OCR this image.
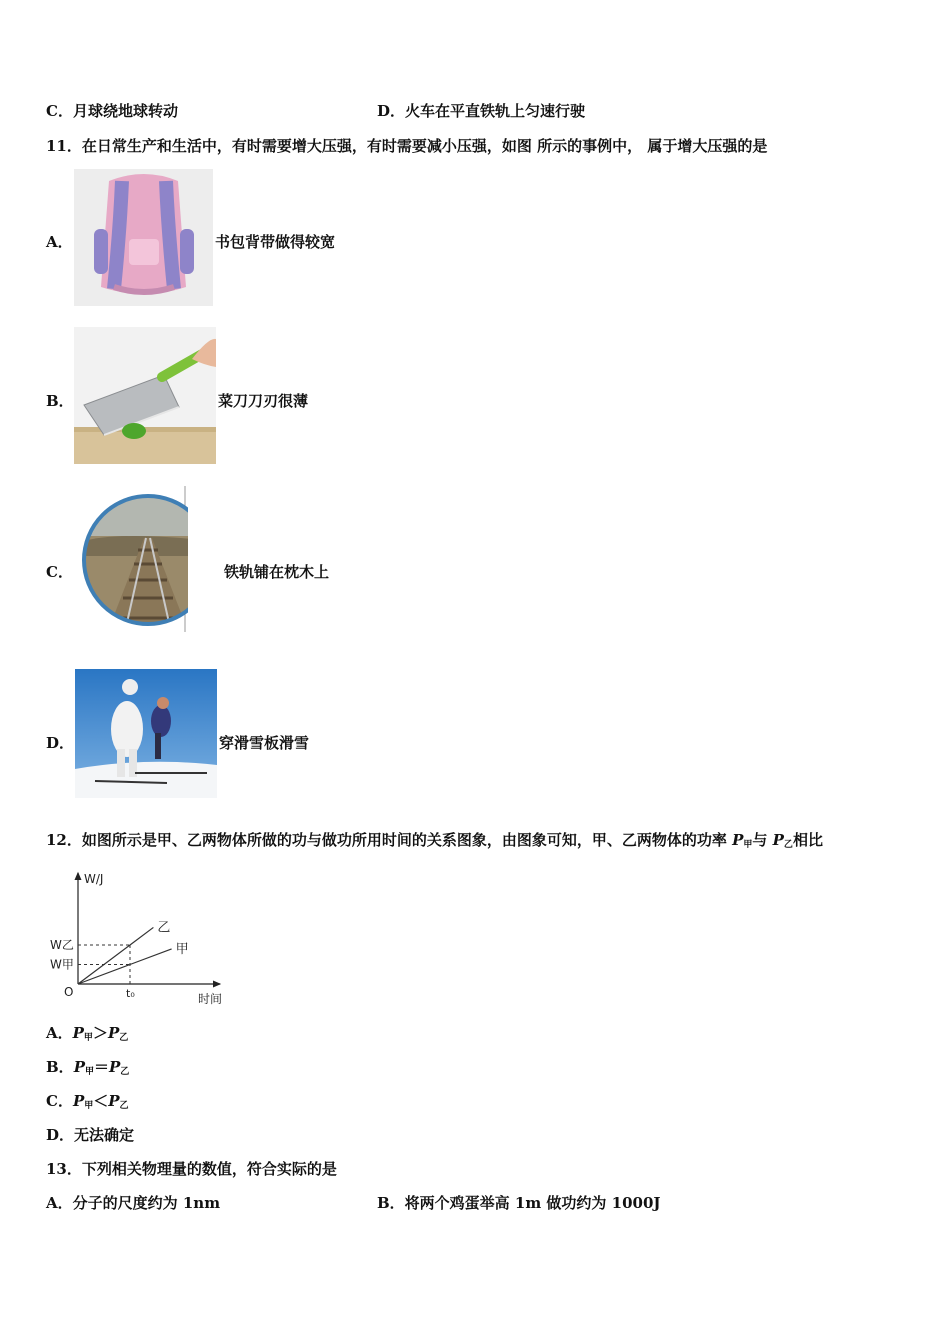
C．月球绕地球转动	D．火车在平直铁轨上匀速行驶
11．在日常生产和生活中，有时需要增大压强，有时需要减小压强，如图 所示的事例中， 属于增大压强的是
A．	书包背带做得较宽
B．	菜刀刀刃很薄
C．	铁轨铺在枕木上
D．	穿滑雪板滑雪
12．如图所示是甲、乙两物体所做的功与做功所用时间的关系图象，由图象可知，甲、乙两物体的功率 $P_甲$与 $P_乙$相比
W/J
时间
O
乙
甲
W乙
W甲
t₀
A．$P_甲>P_乙$
B．$P_甲=P_乙$
C．$P_甲<P_乙$
D．无法确定
13．下列相关物理量的数值，符合实际的是
A．分子的尺度约为 1nm	B．将两个鸡蛋举高 1m 做功约为 1000J
